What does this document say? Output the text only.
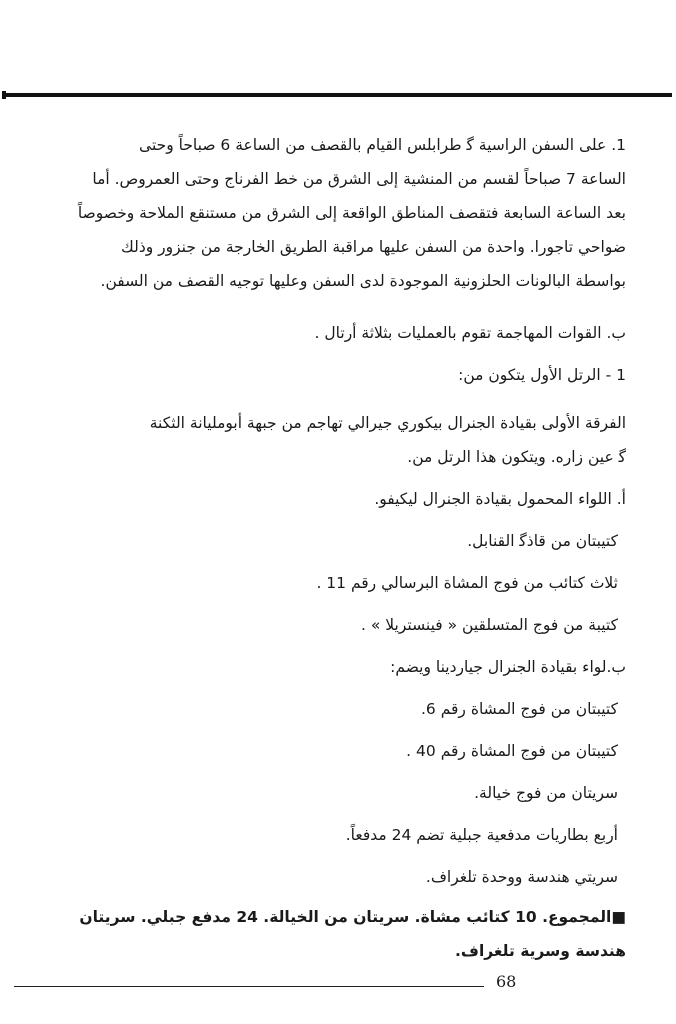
1. على السفن الراسية ﮔ طرابلس القيام بالقصف من الساعة 6 صباحاً وحتى
الساعة 7 صباحاً لقسم من المنشية إلى الشرق من خط الفرناج وحتى العمروص. أما
بعد الساعة السابعة فتقصف المناطق الواقعة إلى الشرق من مستنقع الملاحة وخصوصاً
ضواحي تاجورا. واحدة من السفن عليها مراقبة الطريق الخارجة من جنزور وذلك
بواسطة البالونات الحلزونية الموجودة لدى السفن وعليها توجيه القصف من السفن.
ب. القوات المهاجمة تقوم بالعمليات بثلاثة أرتال .
1 - الرتل الأول يتكون من:
الفرقة الأولى بقيادة الجنرال بيكوري جيرالي تهاجم من جبهة أبومليانة الثكنة
ﮔ عين زاره. ويتكون هذا الرتل من.
أ. اللواء المحمول بقيادة الجنرال ليكيفو.
كتيبتان من قاذﮔ القنابل.
ثلاث كتائب من فوج المشاة البرسالي رقم 11 .
كتيبة من فوج المتسلقين « فينستريلا » .
ب.لواء بقيادة الجنرال جياردينا ويضم:
كتيبتان من فوج المشاة رقم 6.
كتيبتان من فوج المشاة رقم 40 .
سريتان من فوج خيالة.
أربع بطاريات مدفعية جبلية تضم 24 مدفعاً.
سريتي هندسة ووحدة تلغراف.
■المجموع. 10 كتائب مشاة. سريتان من الخيالة. 24 مدفع جبلي. سريتان
هندسة وسرية تلغراف.
68
